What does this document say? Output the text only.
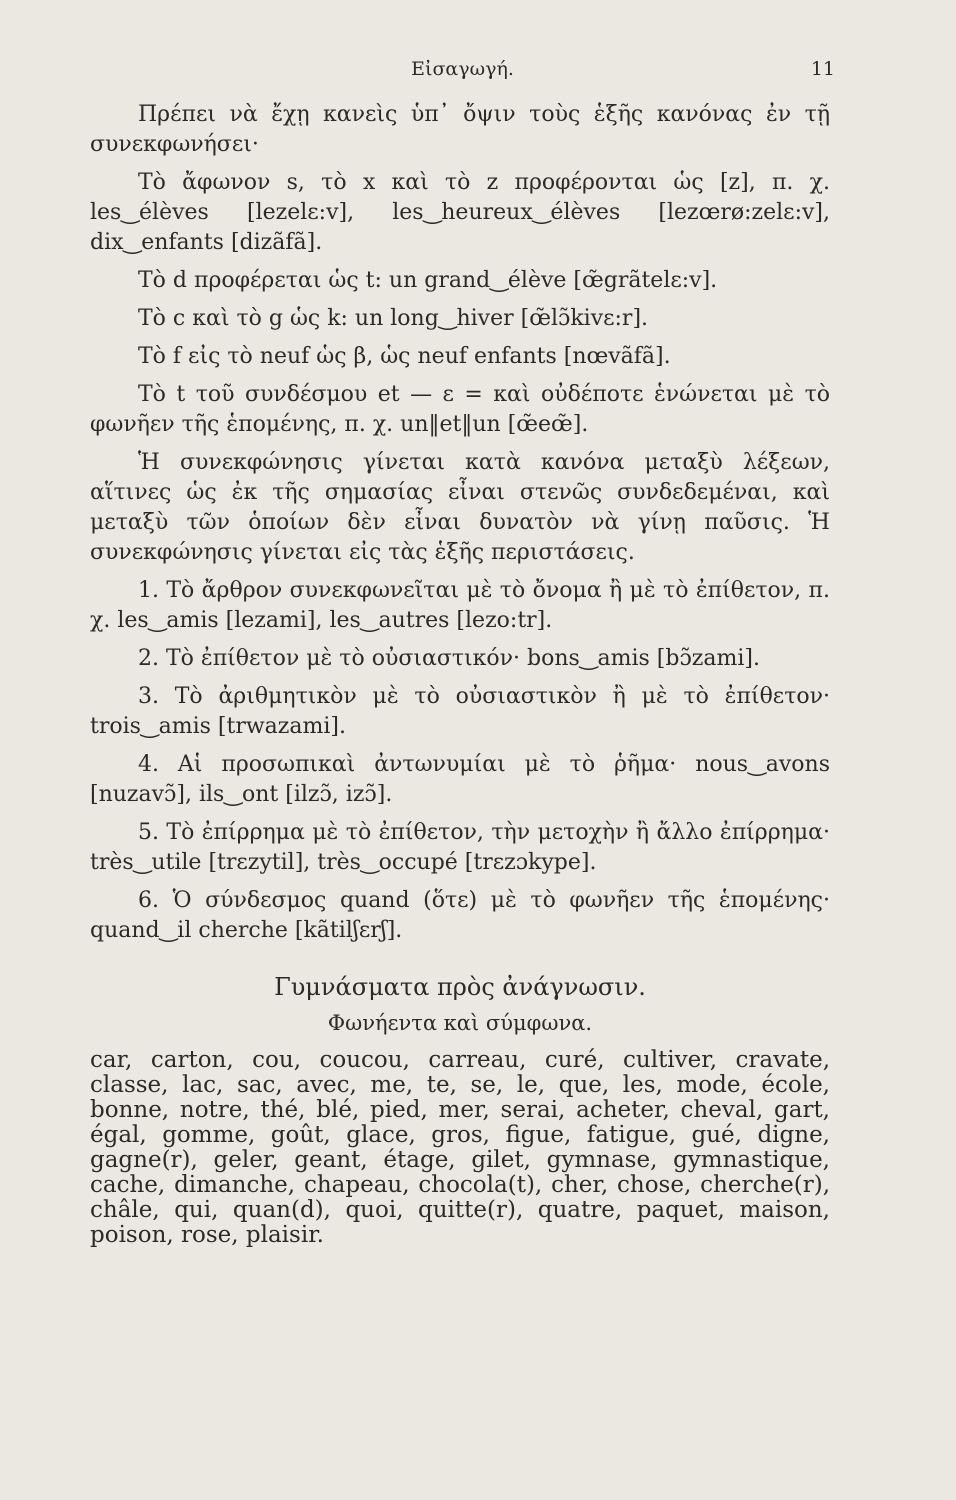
Εἰσαγωγή.	11

Πρέπει νὰ ἔχῃ κανεὶς ὑπ᾽ ὄψιν τοὺς ἑξῆς κανόνας ἐν τῇ συνεκφωνήσει·

Τὸ ἄφωνον s, τὸ x καὶ τὸ z προφέρονται ὡς [z], π. χ. les‿élèves [lezelɛ:v], les‿heureux‿élèves [lezœrø:zelɛ:v], dix‿enfants [dizãfã].

Τὸ d προφέρεται ὡς t: un grand‿élève [œ̃grãtelɛ:v].

Τὸ c καὶ τὸ g ὡς k: un long‿hiver [œ̃lɔ̃kivɛ:r].

Τὸ f εἰς τὸ neuf ὡς β, ὡς neuf enfants [nœvãfã].

Τὸ t τοῦ συνδέσμου et — ε = καὶ οὐδέποτε ἑνώνεται μὲ τὸ φωνῆεν τῆς ἑπομένης, π. χ. un‖et‖un [œ̃eœ̃].

Ἡ συνεκφώνησις γίνεται κατὰ κανόνα μεταξὺ λέξεων, αἵτινες ὡς ἐκ τῆς σημασίας εἶναι στενῶς συνδεδεμέναι, καὶ μεταξὺ τῶν ὁποίων δὲν εἶναι δυνατὸν νὰ γίνῃ παῦσις. Ἡ συνεκφώνησις γίνεται εἰς τὰς ἑξῆς περιστάσεις.

1. Τὸ ἄρθρον συνεκφωνεῖται μὲ τὸ ὄνομα ἢ μὲ τὸ ἐπίθετον, π. χ. les‿amis [lezami], les‿autres [lezo:tr].

2. Τὸ ἐπίθετον μὲ τὸ οὐσιαστικόν· bons‿amis [bɔ̃zami].

3. Τὸ ἀριθμητικὸν μὲ τὸ οὐσιαστικὸν ἢ μὲ τὸ ἐπίθετον· trois‿amis [trwazami].

4. Αἱ προσωπικαὶ ἀντωνυμίαι μὲ τὸ ῥῆμα· nous‿avons [nuzavɔ̃], ils‿ont [ilzɔ̃, izɔ̃].

5. Τὸ ἐπίρρημα μὲ τὸ ἐπίθετον, τὴν μετοχὴν ἢ ἄλλο ἐπίρρημα· très‿utile [trɛzytil], très‿occupé [trɛzɔkype].

6. Ὁ σύνδεσμος quand (ὅτε) μὲ τὸ φωνῆεν τῆς ἑπομένης· quand‿il cherche [kãtilʃɛrʃ].

Γυμνάσματα πρὸς ἀνάγνωσιν.
Φωνήεντα καὶ σύμφωνα.

car, carton, cou, coucou, carreau, curé, cultiver, cravate, classe, lac, sac, avec, me, te, se, le, que, les, mode, école, bonne, notre, thé, blé, pied, mer, serai, acheter, cheval, gart, égal, gomme, goût, glace, gros, figue, fatigue, gué, digne, gagne(r), geler, geant, étage, gilet, gymnase, gymnastique, cache, dimanche, chapeau, chocola(t), cher, chose, cherche(r), châle, qui, quan(d), quoi, quitte(r), quatre, paquet, maison, poison, rose, plaisir.
